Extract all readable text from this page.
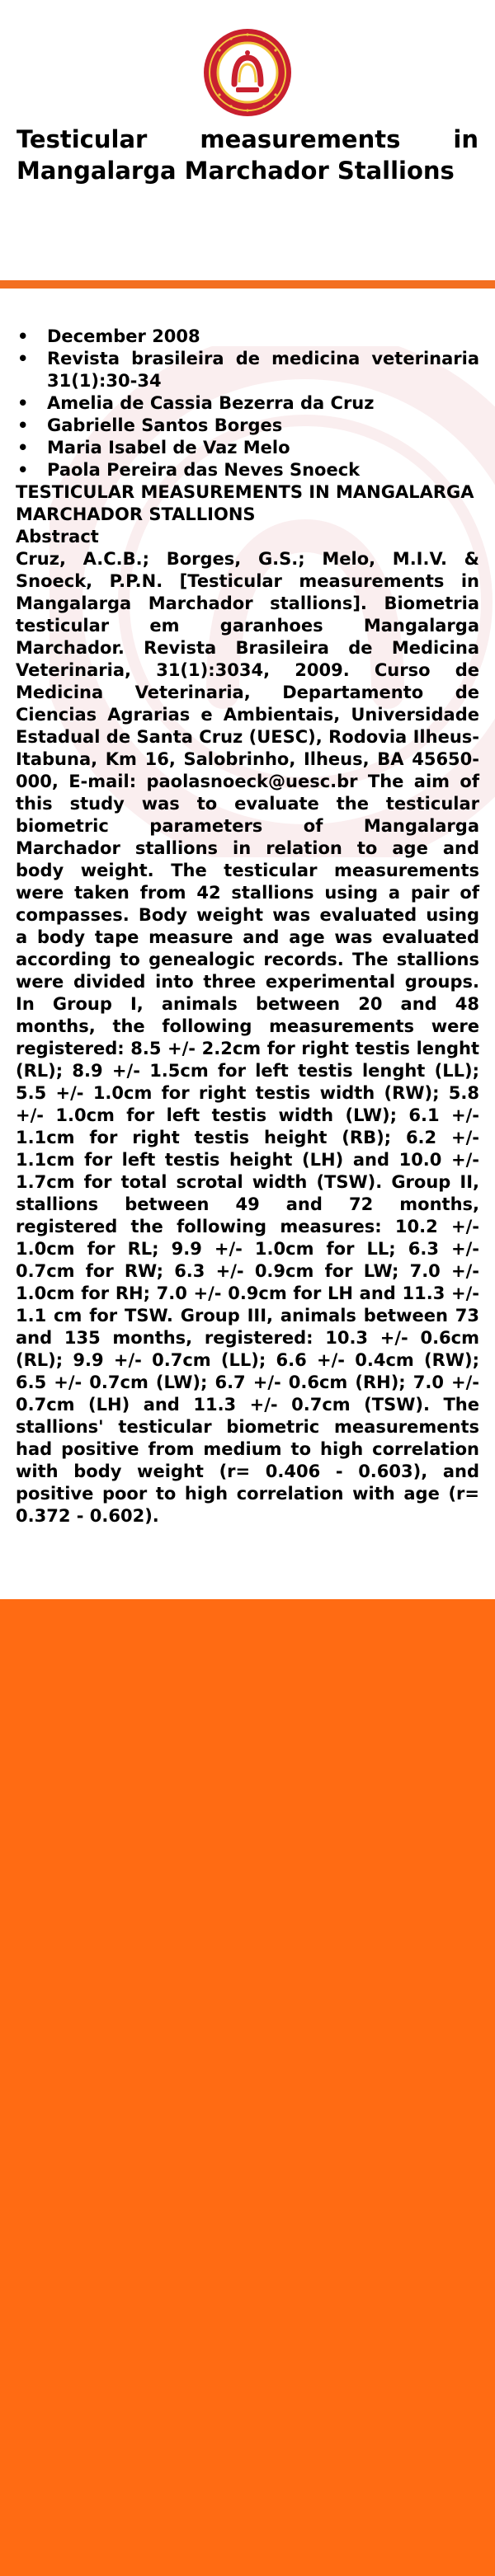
Testicular measurements in Mangalarga Marchador Stallions
• December 2008
• Revista brasileira de medicina veterinaria 31(1):30-34
• Amelia de Cassia Bezerra da Cruz
• Gabrielle Santos Borges
• Maria Isabel de Vaz Melo
• Paola Pereira das Neves Snoeck

TESTICULAR MEASUREMENTS IN MANGALARGA MARCHADOR STALLIONS

Abstract

Cruz, A.C.B.; Borges, G.S.; Melo, M.I.V. & Snoeck, P.P.N. [Testicular measurements in Mangalarga Marchador stallions]. Biometria testicular em garanhoes Mangalarga Marchador. Revista Brasileira de Medicina Veterinaria, 31(1):3034, 2009. Curso de Medicina Veterinaria, Departamento de Ciencias Agrarias e Ambientais, Universidade Estadual de Santa Cruz (UESC), Rodovia Ilheus-Itabuna, Km 16, Salobrinho, Ilheus, BA 45650-000, E-mail: paolasnoeck@uesc.br The aim of this study was to evaluate the testicular biometric parameters of Mangalarga Marchador stallions in relation to age and body weight. The testicular measurements were taken from 42 stallions using a pair of compasses. Body weight was evaluated using a body tape measure and age was evaluated according to genealogic records. The stallions were divided into three experimental groups. In Group I, animals between 20 and 48 months, the following measurements were registered: 8.5 +/- 2.2cm for right testis lenght (RL); 8.9 +/- 1.5cm for left testis lenght (LL); 5.5 +/- 1.0cm for right testis width (RW); 5.8 +/- 1.0cm for left testis width (LW); 6.1 +/- 1.1cm for right testis height (RB); 6.2 +/- 1.1cm for left testis height (LH) and 10.0 +/- 1.7cm for total scrotal width (TSW). Group II, stallions between 49 and 72 months, registered the following measures: 10.2 +/- 1.0cm for RL; 9.9 +/- 1.0cm for LL; 6.3 +/- 0.7cm for RW; 6.3 +/- 0.9cm for LW; 7.0 +/- 1.0cm for RH; 7.0 +/- 0.9cm for LH and 11.3 +/- 1.1 cm for TSW. Group III, animals between 73 and 135 months, registered: 10.3 +/- 0.6cm (RL); 9.9 +/- 0.7cm (LL); 6.6 +/- 0.4cm (RW); 6.5 +/- 0.7cm (LW); 6.7 +/- 0.6cm (RH); 7.0 +/- 0.7cm (LH) and 11.3 +/- 0.7cm (TSW). The stallions' testicular biometric measurements had positive from medium to high correlation with body weight (r= 0.406 - 0.603), and positive poor to high correlation with age (r= 0.372 - 0.602).
